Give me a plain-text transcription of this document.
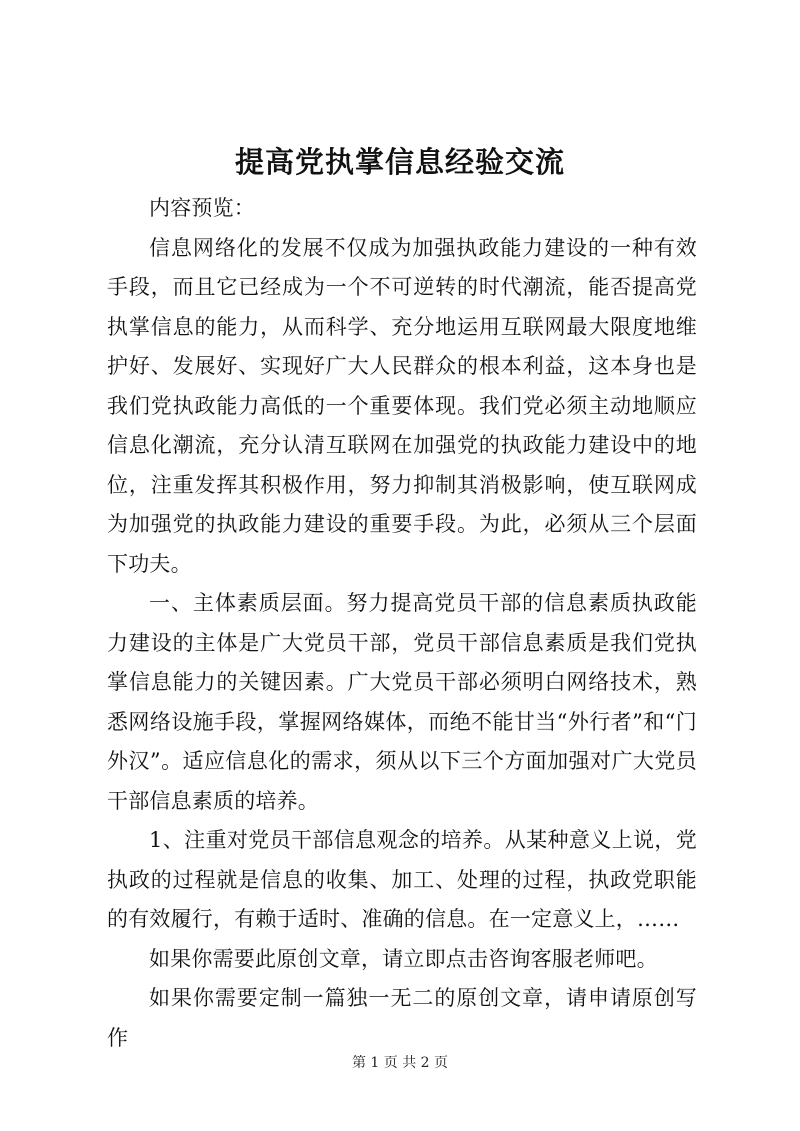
提高党执掌信息经验交流

内容预览：

信息网络化的发展不仅成为加强执政能力建设的一种有效手段，而且它已经成为一个不可逆转的时代潮流，能否提高党执掌信息的能力，从而科学、充分地运用互联网最大限度地维护好、发展好、实现好广大人民群众的根本利益，这本身也是我们党执政能力高低的一个重要体现。我们党必须主动地顺应信息化潮流，充分认清互联网在加强党的执政能力建设中的地位，注重发挥其积极作用，努力抑制其消极影响，使互联网成为加强党的执政能力建设的重要手段。为此，必须从三个层面下功夫。

一、主体素质层面。努力提高党员干部的信息素质执政能力建设的主体是广大党员干部，党员干部信息素质是我们党执掌信息能力的关键因素。广大党员干部必须明白网络技术，熟悉网络设施手段，掌握网络媒体，而绝不能甘当“外行者”和“门外汉”。适应信息化的需求，须从以下三个方面加强对广大党员干部信息素质的培养。

1、注重对党员干部信息观念的培养。从某种意义上说，党执政的过程就是信息的收集、加工、处理的过程，执政党职能的有效履行，有赖于适时、准确的信息。在一定意义上，……

如果你需要此原创文章，请立即点击咨询客服老师吧。

如果你需要定制一篇独一无二的原创文章，请申请原创写作

第 1 页 共 2 页
